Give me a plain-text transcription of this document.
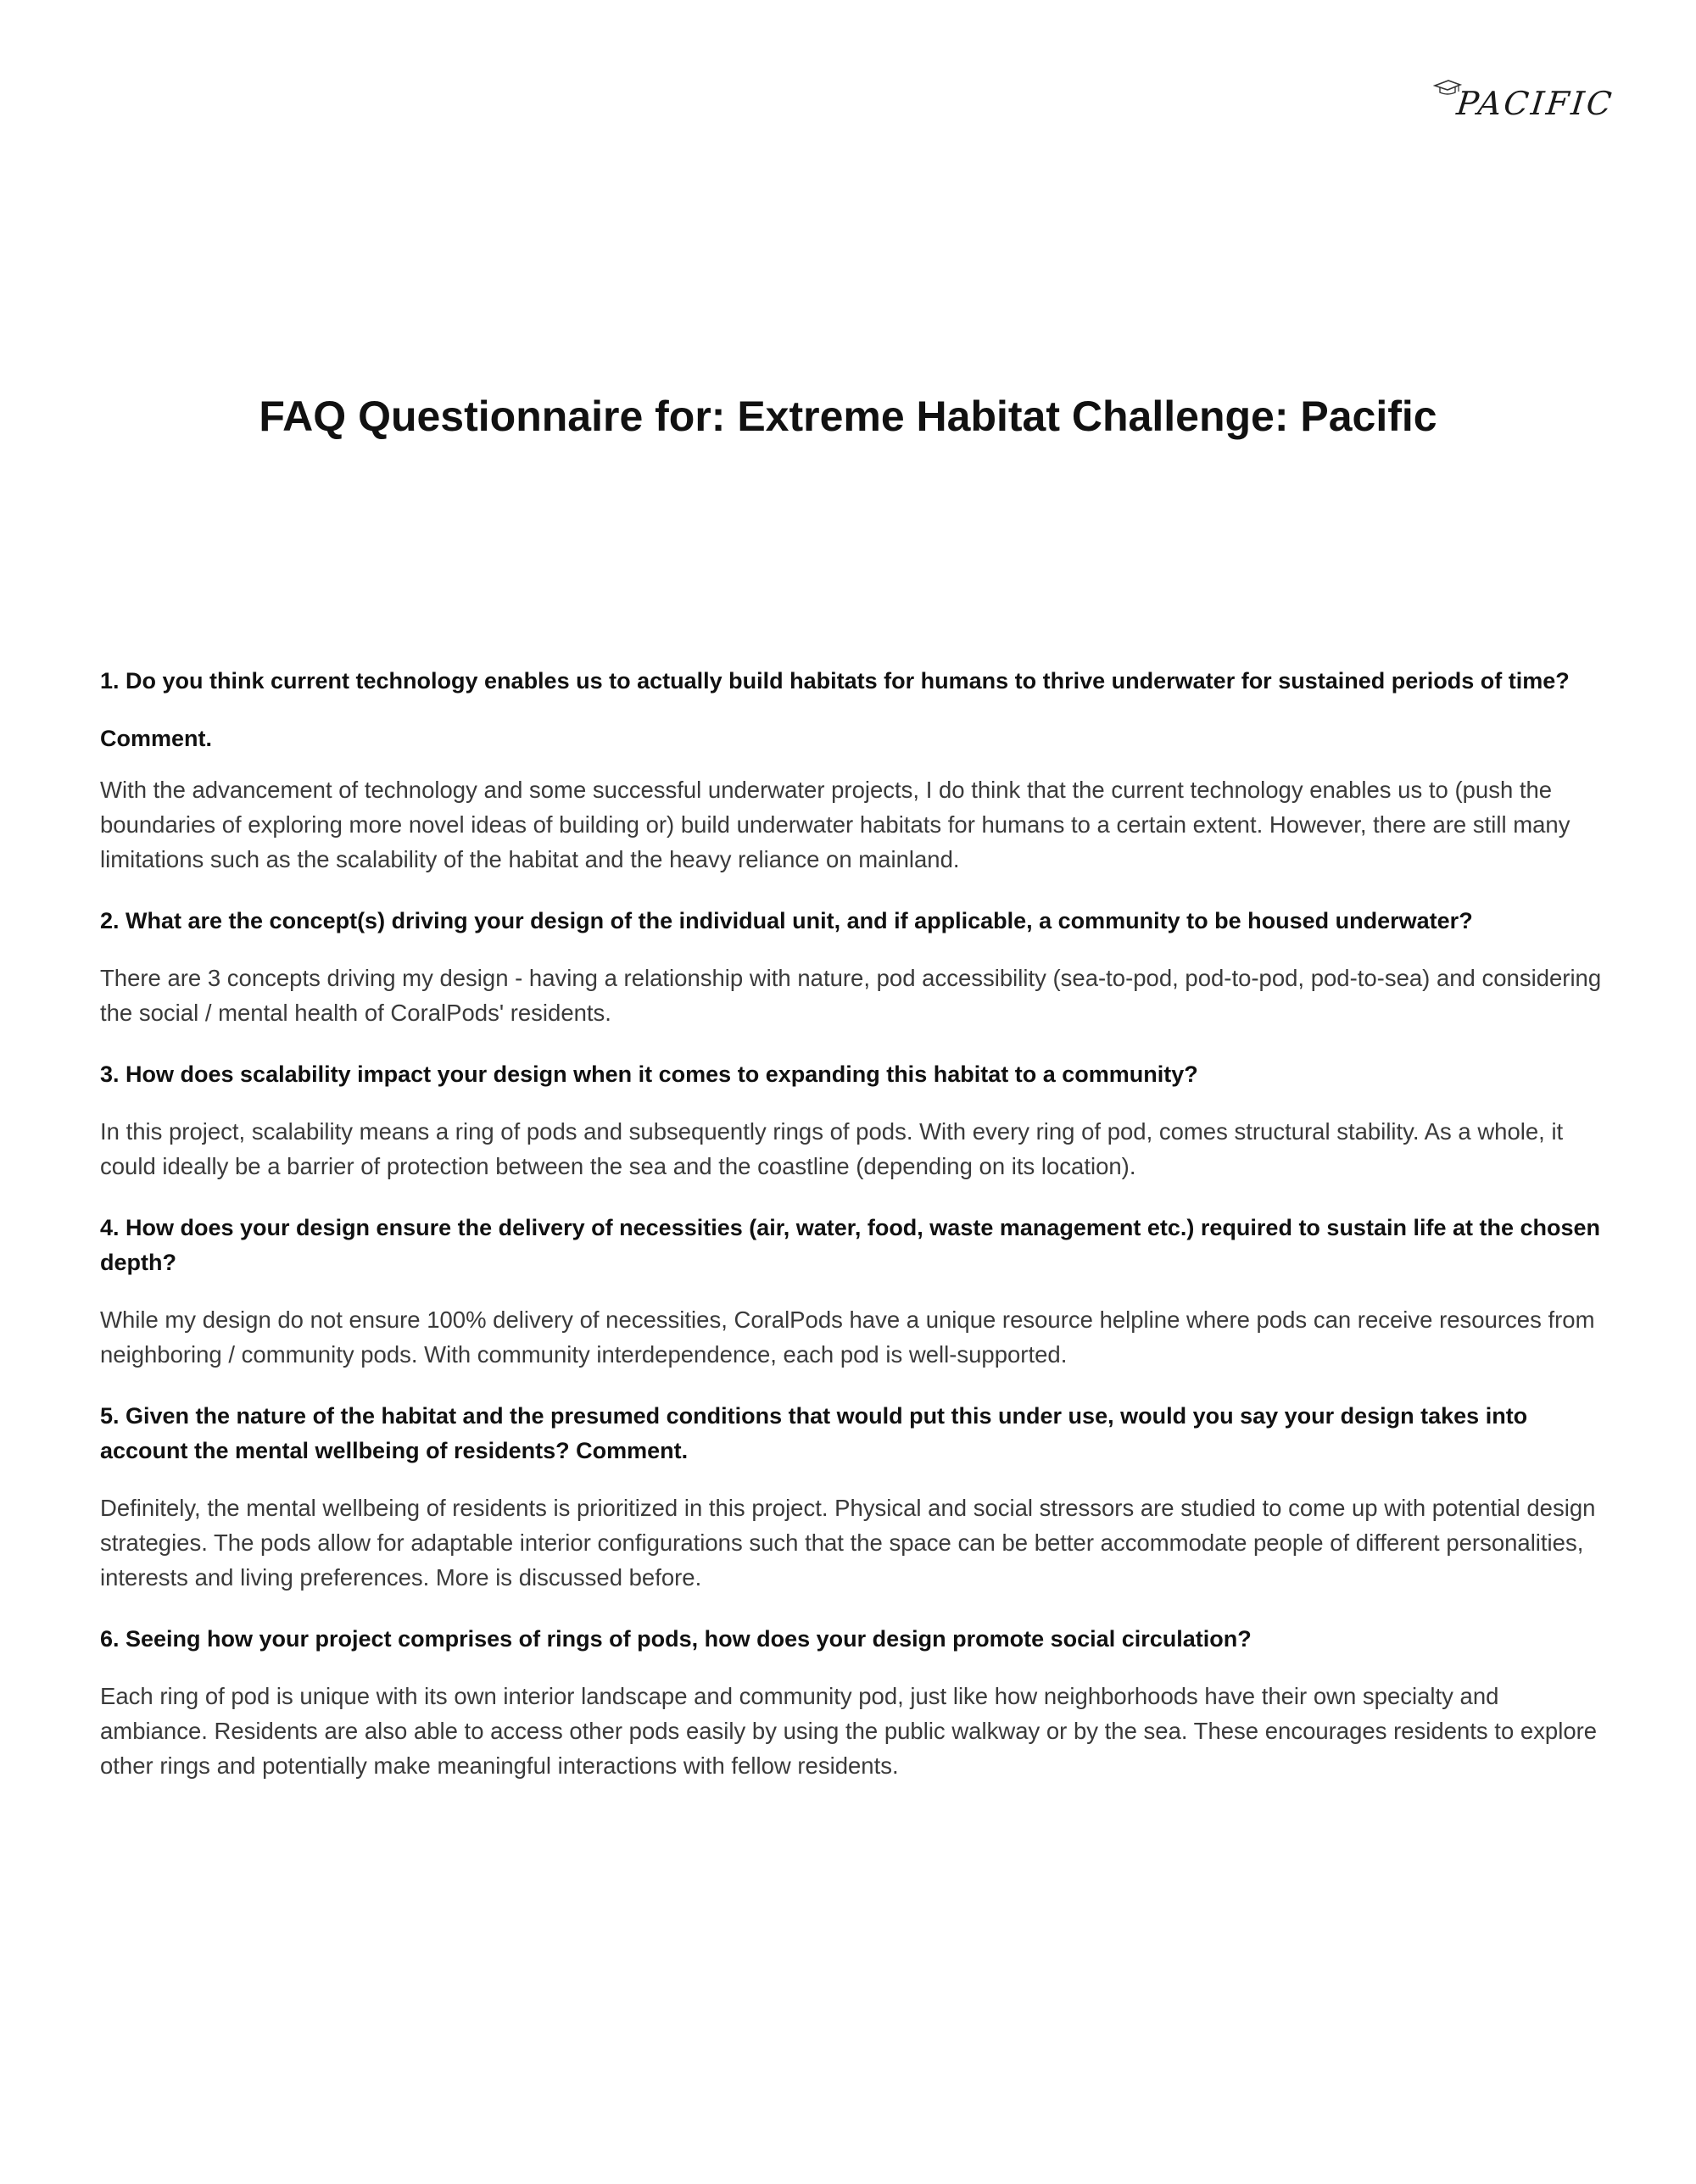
PACIFIC
FAQ Questionnaire for: Extreme Habitat Challenge: Pacific

1. Do you think current technology enables us to actually build habitats for humans to thrive underwater for sustained periods of time? Comment.

With the advancement of technology and some successful underwater projects, I do think that the current technology enables us to (push the boundaries of exploring more novel ideas of building or) build underwater habitats for humans to a certain extent. However, there are still many limitations such as the scalability of the habitat and the heavy reliance on mainland.

2. What are the concept(s) driving your design of the individual unit, and if applicable, a community to be housed underwater?

There are 3 concepts driving my design - having a relationship with nature, pod accessibility (sea-to-pod, pod-to-pod, pod-to-sea) and considering the social / mental health of CoralPods' residents.

3. How does scalability impact your design when it comes to expanding this habitat to a community?

In this project, scalability means a ring of pods and subsequently rings of pods. With every ring of pod, comes structural stability. As a whole, it could ideally be a barrier of protection between the sea and the coastline (depending on its location).

4. How does your design ensure the delivery of necessities (air, water, food, waste management etc.) required to sustain life at the chosen depth?

While my design do not ensure 100% delivery of necessities, CoralPods have a unique resource helpline where pods can receive resources from neighboring / community pods. With community interdependence, each pod is well-supported.

5. Given the nature of the habitat and the presumed conditions that would put this under use, would you say your design takes into account the mental wellbeing of residents? Comment.

Definitely, the mental wellbeing of residents is prioritized in this project. Physical and social stressors are studied to come up with potential design strategies. The pods allow for adaptable interior configurations such that the space can be better accommodate people of different personalities, interests and living preferences. More is discussed before.

6. Seeing how your project comprises of rings of pods, how does your design promote social circulation?

Each ring of pod is unique with its own interior landscape and community pod, just like how neighborhoods have their own specialty and ambiance. Residents are also able to access other pods easily by using the public walkway or by the sea. These encourages residents to explore other rings and potentially make meaningful interactions with fellow residents.
